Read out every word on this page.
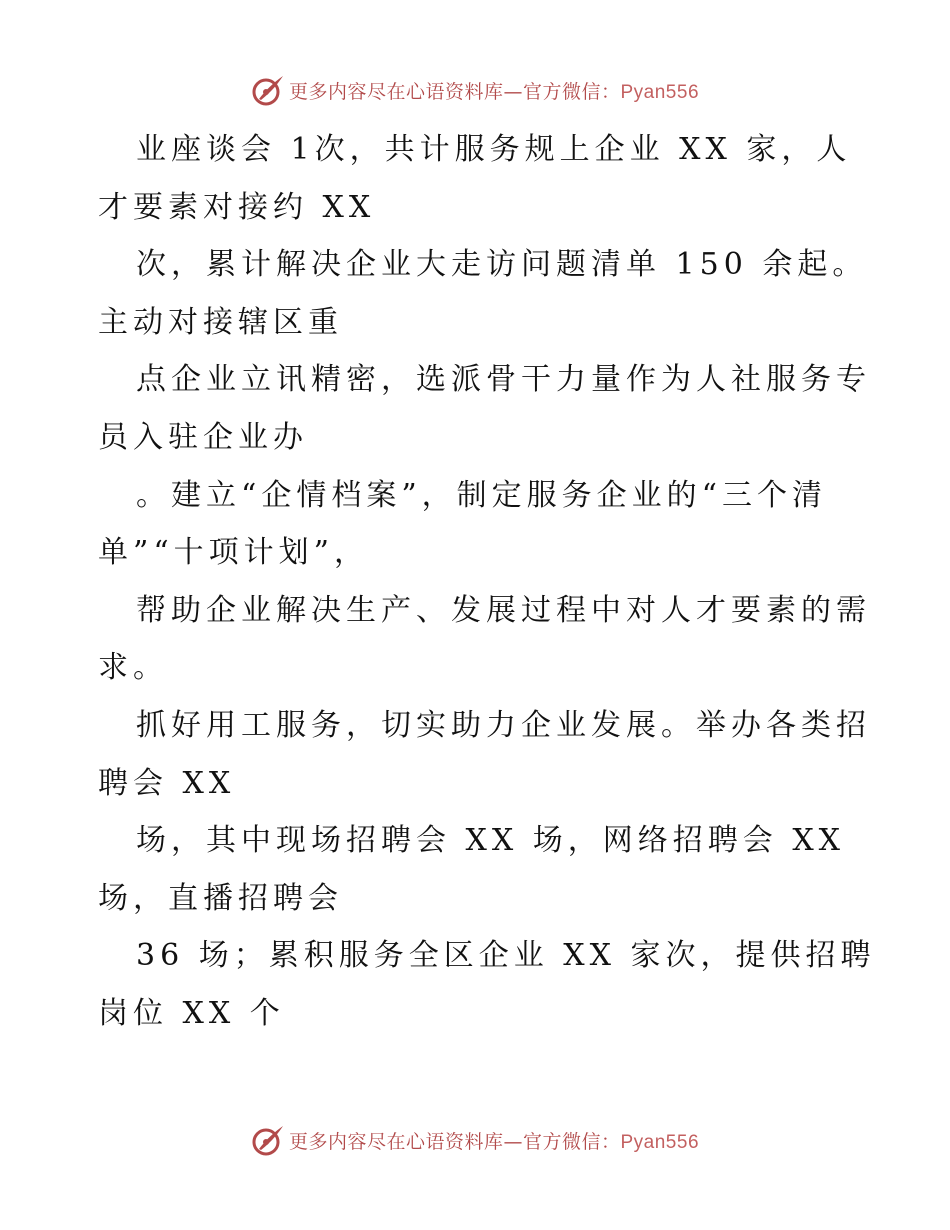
更多内容尽在心语资料库—官方微信：Pyan556
业座谈会 1次，共计服务规上企业 XX 家，人
才要素对接约 XX
次，累计解决企业大走访问题清单 150 余起。
主动对接辖区重
点企业立讯精密，选派骨干力量作为人社服务专
员入驻企业办
。建立“企情档案”，制定服务企业的“三个清
单”“十项计划”，
帮助企业解决生产、发展过程中对人才要素的需
求。
抓好用工服务，切实助力企业发展。举办各类招
聘会 XX
场，其中现场招聘会 XX 场，网络招聘会 XX
场，直播招聘会
36 场；累积服务全区企业 XX 家次，提供招聘
岗位 XX 个
更多内容尽在心语资料库—官方微信：Pyan556
